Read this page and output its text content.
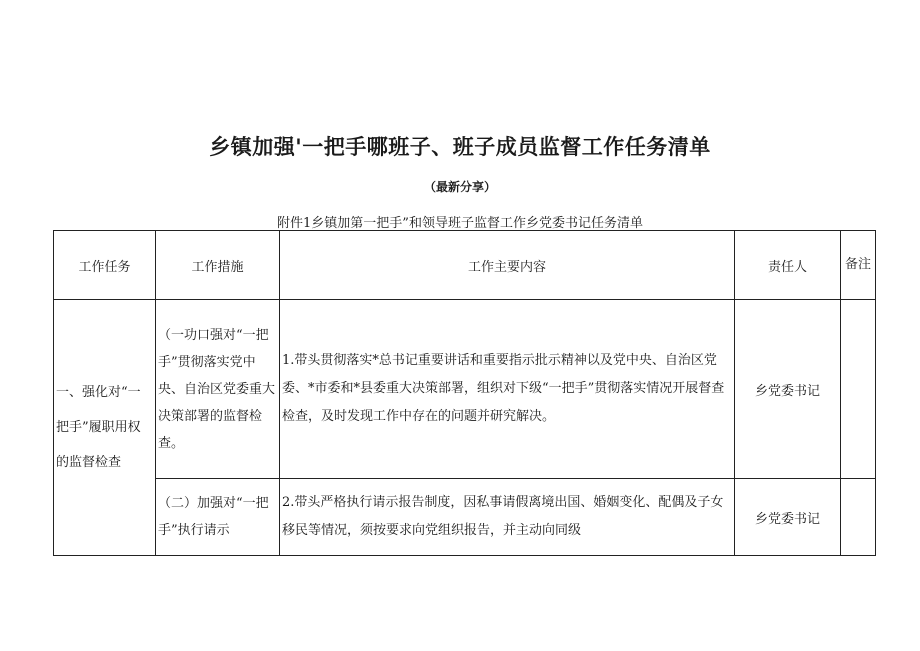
乡镇加强'一把手哪班子、班子成员监督工作任务清单
（最新分享）
附件1乡镇加第一把手”和领导班子监督工作乡党委书记任务清单
工作任务	工作措施	工作主要内容	责任人	备注
一、强化对“一把手”履职用权的监督检查	（一功口强对“一把手”贯彻落实党中央、自治区党委重大决策部署的监督检查。	1.带头贯彻落实*总书记重要讲话和重要指示批示精神以及党中央、自治区党委、*市委和*县委重大决策部署，组织对下级“一把手”贯彻落实情况开展督查检查，及时发现工作中存在的问题并研究解决。	乡党委书记	
	（二）加强对“一把手”执行请示	2.带头严格执行请示报告制度，因私事请假离境出国、婚姻变化、配偶及子女移民等情况，须按要求向党组织报告，并主动向同级	乡党委书记	
